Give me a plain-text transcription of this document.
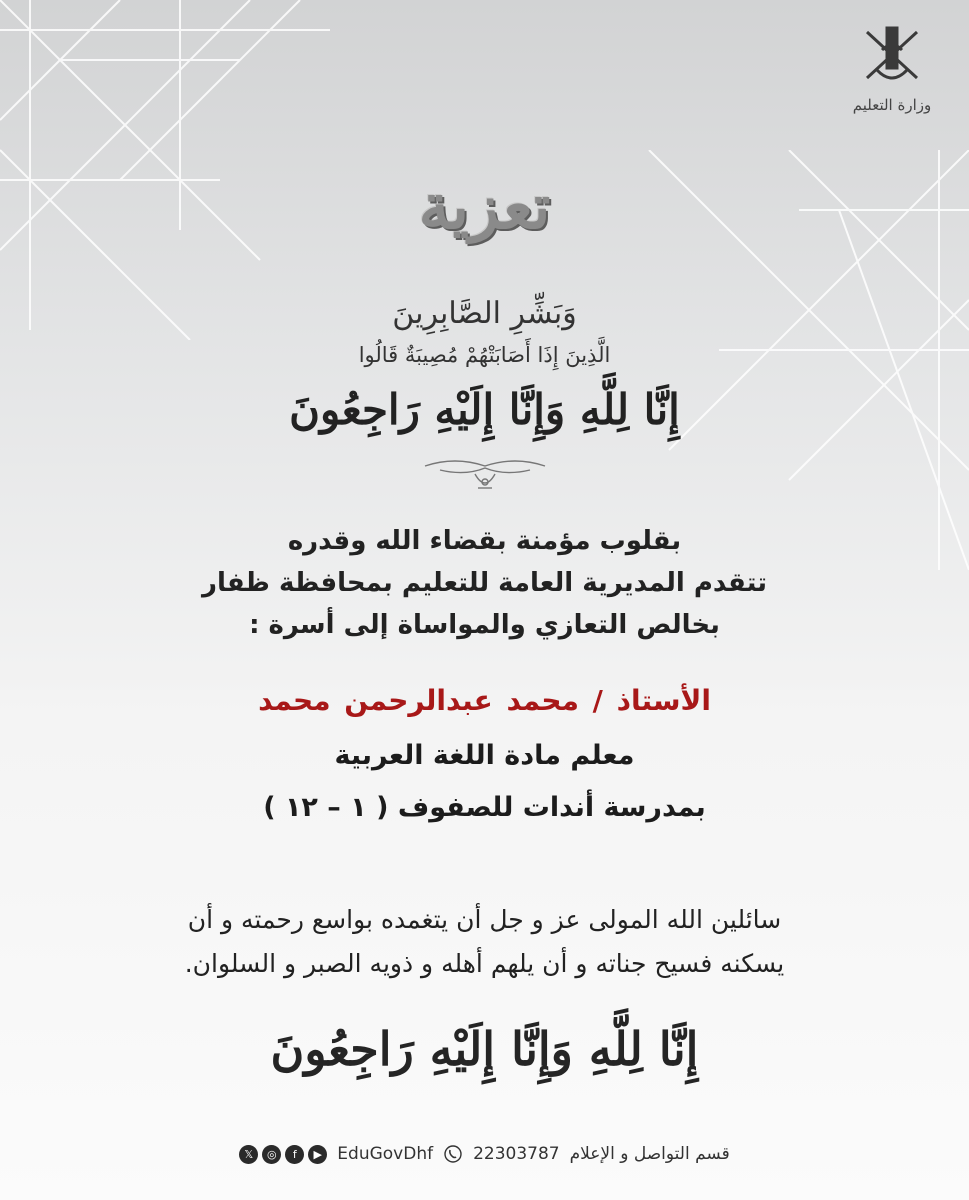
وزارة التعليم
تعزية
وَبَشِّرِ الصَّابِرِينَ
الَّذِينَ إِذَا أَصَابَتْهُمْ مُصِيبَةٌ قَالُوا
إِنَّا لِلَّهِ وَإِنَّا إِلَيْهِ رَاجِعُونَ
بقلوب مؤمنة بقضاء الله وقدره
تتقدم المديرية العامة للتعليم بمحافظة ظفار
بخالص التعازي والمواساة إلى أسرة :
الأستاذ / محمد عبدالرحمن محمد
معلم مادة اللغة العربية
بمدرسة أندات للصفوف ( ١ – ١٢ )
سائلين الله المولى عز و جل أن يتغمده بواسع رحمته و أن
يسكنه فسيح جناته و أن يلهم أهله و ذويه الصبر و السلوان.
إِنَّا لِلَّهِ وَإِنَّا إِلَيْهِ رَاجِعُونَ
قسم التواصل و الإعلام
22303787
EduGovDhf
𝕏	◎	f	▶
